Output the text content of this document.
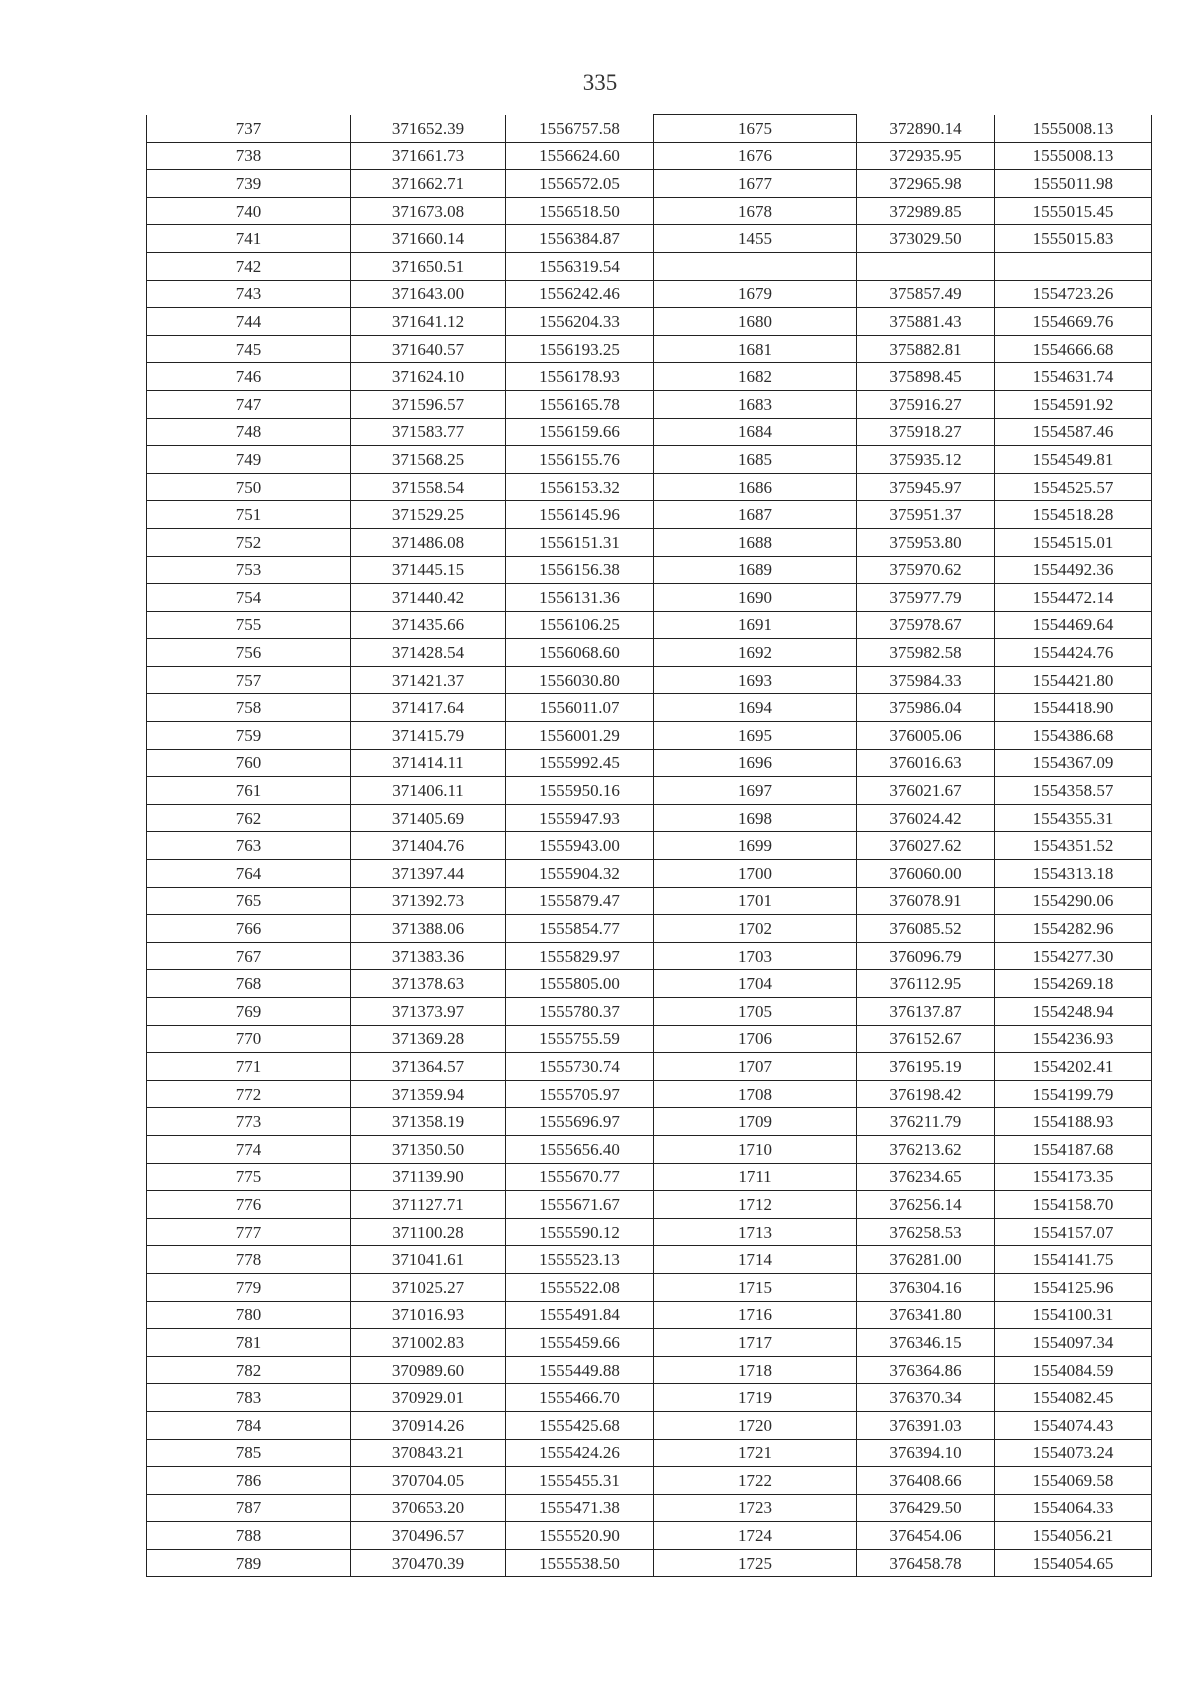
335
737	371652.39	1556757.58	1675	372890.14	1555008.13
738	371661.73	1556624.60	1676	372935.95	1555008.13
739	371662.71	1556572.05	1677	372965.98	1555011.98
740	371673.08	1556518.50	1678	372989.85	1555015.45
741	371660.14	1556384.87	1455	373029.50	1555015.83
742	371650.51	1556319.54			
743	371643.00	1556242.46	1679	375857.49	1554723.26
744	371641.12	1556204.33	1680	375881.43	1554669.76
745	371640.57	1556193.25	1681	375882.81	1554666.68
746	371624.10	1556178.93	1682	375898.45	1554631.74
747	371596.57	1556165.78	1683	375916.27	1554591.92
748	371583.77	1556159.66	1684	375918.27	1554587.46
749	371568.25	1556155.76	1685	375935.12	1554549.81
750	371558.54	1556153.32	1686	375945.97	1554525.57
751	371529.25	1556145.96	1687	375951.37	1554518.28
752	371486.08	1556151.31	1688	375953.80	1554515.01
753	371445.15	1556156.38	1689	375970.62	1554492.36
754	371440.42	1556131.36	1690	375977.79	1554472.14
755	371435.66	1556106.25	1691	375978.67	1554469.64
756	371428.54	1556068.60	1692	375982.58	1554424.76
757	371421.37	1556030.80	1693	375984.33	1554421.80
758	371417.64	1556011.07	1694	375986.04	1554418.90
759	371415.79	1556001.29	1695	376005.06	1554386.68
760	371414.11	1555992.45	1696	376016.63	1554367.09
761	371406.11	1555950.16	1697	376021.67	1554358.57
762	371405.69	1555947.93	1698	376024.42	1554355.31
763	371404.76	1555943.00	1699	376027.62	1554351.52
764	371397.44	1555904.32	1700	376060.00	1554313.18
765	371392.73	1555879.47	1701	376078.91	1554290.06
766	371388.06	1555854.77	1702	376085.52	1554282.96
767	371383.36	1555829.97	1703	376096.79	1554277.30
768	371378.63	1555805.00	1704	376112.95	1554269.18
769	371373.97	1555780.37	1705	376137.87	1554248.94
770	371369.28	1555755.59	1706	376152.67	1554236.93
771	371364.57	1555730.74	1707	376195.19	1554202.41
772	371359.94	1555705.97	1708	376198.42	1554199.79
773	371358.19	1555696.97	1709	376211.79	1554188.93
774	371350.50	1555656.40	1710	376213.62	1554187.68
775	371139.90	1555670.77	1711	376234.65	1554173.35
776	371127.71	1555671.67	1712	376256.14	1554158.70
777	371100.28	1555590.12	1713	376258.53	1554157.07
778	371041.61	1555523.13	1714	376281.00	1554141.75
779	371025.27	1555522.08	1715	376304.16	1554125.96
780	371016.93	1555491.84	1716	376341.80	1554100.31
781	371002.83	1555459.66	1717	376346.15	1554097.34
782	370989.60	1555449.88	1718	376364.86	1554084.59
783	370929.01	1555466.70	1719	376370.34	1554082.45
784	370914.26	1555425.68	1720	376391.03	1554074.43
785	370843.21	1555424.26	1721	376394.10	1554073.24
786	370704.05	1555455.31	1722	376408.66	1554069.58
787	370653.20	1555471.38	1723	376429.50	1554064.33
788	370496.57	1555520.90	1724	376454.06	1554056.21
789	370470.39	1555538.50	1725	376458.78	1554054.65
